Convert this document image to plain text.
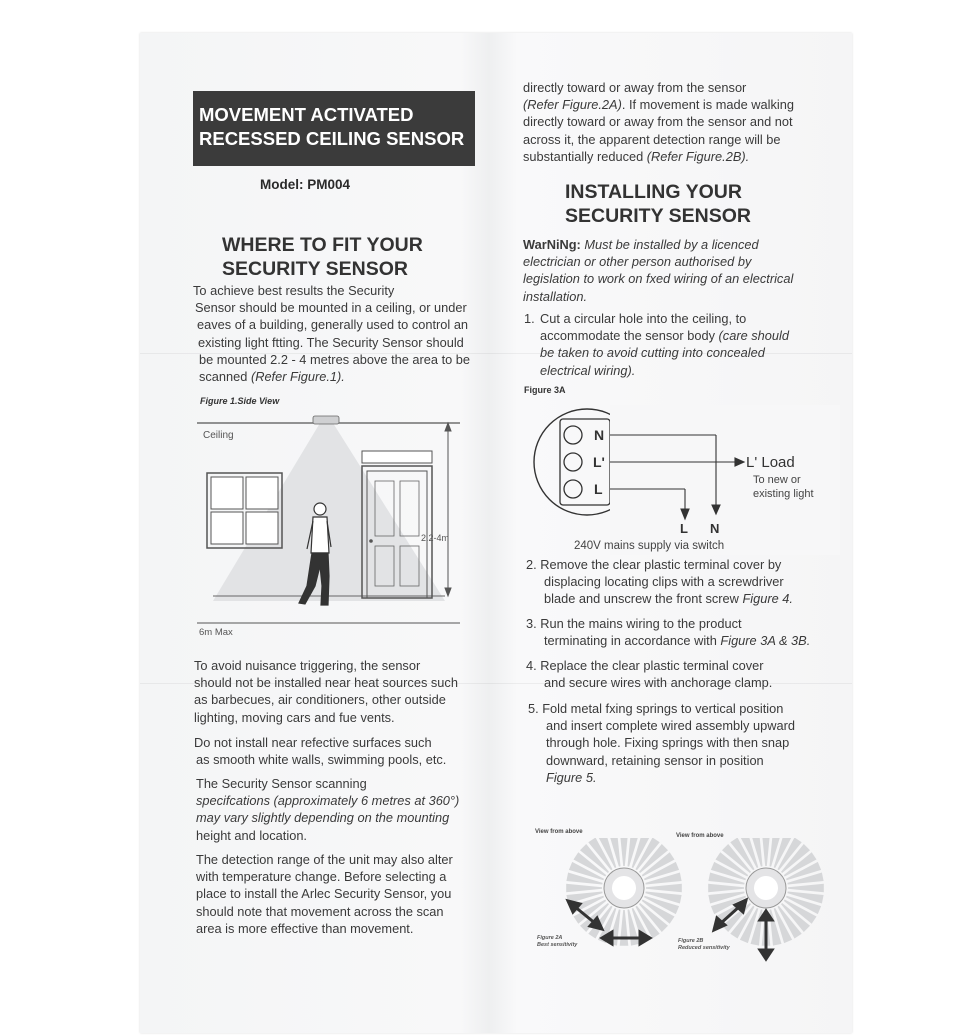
MOVEMENT ACTIVATED
RECESSED CEILING SENSOR
Model: PM004
WHERE TO FIT YOUR
SECURITY SENSOR
To achieve best results the Security
Sensor should be mounted in a ceiling, or under
eaves of a building, generally used to control an
existing light ftting. The Security Sensor should
be mounted 2.2 - 4 metres above the area to be
scanned (Refer Figure.1).
Figure 1.Side View
Ceiling
2.2-4m
6m Max
To avoid nuisance triggering, the sensor
should not be installed near heat sources such
as barbecues, air conditioners, other outside
lighting, moving cars and fue vents.
Do not install near refective surfaces such
as smooth white walls, swimming pools, etc.
The Security Sensor scanning
specifcations (approximately 6 metres at 360°)
may vary slightly depending on the mounting
height and location.
The detection range of the unit may also alter
with temperature change. Before selecting a
place to install the Arlec Security Sensor, you
should note that movement across the scan
area is more effective than movement.
directly toward or away from the sensor
(Refer Figure.2A). If movement is made walking
directly toward or away from the sensor and not
across it, the apparent detection range will be
substantially reduced (Refer Figure.2B).
INSTALLING YOUR
SECURITY SENSOR
WarNiNg: Must be installed by a licenced
electrician or other person authorised by
legislation to work on fxed wiring of an electrical
installation.
1. Cut a circular hole into the ceiling, to
accommodate the sensor body (care should
be taken to avoid cutting into concealed
electrical wiring).
Figure 3A
N
L'
L
L' Load
To new or
existing light
L N
240V mains supply via switch
2. Remove the clear plastic terminal cover by
displacing locating clips with a screwdriver
blade and unscrew the front screw Figure 4.
3. Run the mains wiring to the product
terminating in accordance with Figure 3A & 3B.
4. Replace the clear plastic terminal cover
and secure wires with anchorage clamp.
5. Fold metal fxing springs to vertical position
and insert complete wired assembly upward
through hole. Fixing springs with then snap
downward, retaining sensor in position
Figure 5.
View from above
View from above
Figure 2A
Best sensitivity
Figure 2B
Reduced sensitivity
